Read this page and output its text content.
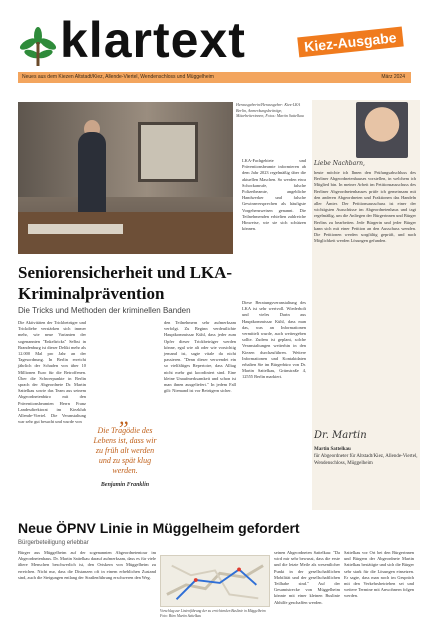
klartext	Kiez-Ausgabe
Neues aus dem Kiezen Altstadt/Kiez, Allende-Viertel, Wendenschloss und Müggelheim	März 2024
Herausgeberin/Herausgeber: Kiez-LKA Berlin, Anmerkungsbeiträge, Mitarbeiterinnen, Fotos: Martin Sattelkau
LKA-Fachgebiete und Präventionsbeamte informieren ab dem Jahr 2023 regelmäßig über die aktuellen Maschen. So werden etwa Schockanrufe, falsche Polizeibeamte, angebliche Handwerker und falsche Gewinnversprechen als häufigste Vorgehensweisen genannt. Die Teilnehmenden erhielten zahlreiche Hinweise, wie sie sich schützen können.
Diese Beratungsveranstaltung des LKA ist sehr wertvoll. Wiederholt und vieles Darin aus Hauptkommissar Kühl, dass man das, was an Informationen vermittelt wurde, auch weitergeben sollte. Zudem ist geplant, solche Veranstaltungen weiterhin in den Kiezen durchzuführen. Weitere Informationen und Kontaktdaten erhalten Sie im Bürgerbüro von Dr. Martin Sattelkau, Grünstraße 4, 12555 Berlin markiert.
Seniorensicherheit und LKA-Kriminalprävention
Die Tricks und Methoden der kriminellen Banden
Die Aktivitäten der Trickbetrüger und Trickdiebe verstärken sich immer mehr, wie neue Varianten der sogenannten "Enkeltricks" Selbst in Brandenburg ist dieser Delikt mehr als 12.000 Mal pro Jahr an der Tagesordnung. In Berlin erreicht jährlich der Schaden von über 10 Millionen Euro für die Betroffenen. Über die Schwerpunkte in Berlin sprach der Abgeordnete Dr. Martin Sattelkau sowie das Team aus seinem Abgeordnetenbüro mit den Präventionsbeamten Herrn Franz Landesdirektorat im Kiezklub Allende-Viertel. Die Veranstaltung war sehr gut besucht und wurde von	„
Die Tragödie des Lebens ist, dass wir zu früh alt werden und zu spät klug werden.
Benjamin Franklin
den Teilnehmern sehr aufmerksam verfolgt. Zu Beginn verdeutlichte Hauptkommissar Kühl, dass jeder zum Opfer dieser Trickbetrüger werden könne, egal wie alt oder wie vorsichtig jemand ist, sagte vitale da nicht passieren. "Denn dieser verwendet ein so vielfältiges Repertoire, dass Alltag nicht mehr gut koordiniert sind. Eine kleine Unaufmerksamkeit und schon ist man ihnen ausgeliefert." In jedem Fall gilt: Niemand ist vor Betrügern sicher.
Liebe Nachbarn,
heute möchte ich Ihnen den Prüfungsabschluss des Berliner Abgeordnetenhauses vorstellen, in welchem ich Mitglied bin. In meiner Arbeit im Petitionsausschuss des Berliner Abgeordnetenhauses prüfe ich gemeinsam mit den anderen Abgeordneten und Fraktionen das Handeln aller Ämter. Der Petitionsausschuss ist einer der wichtigsten Ausschüsse im Abgeordnetenhaus und tagt regelmäßig, um die Anliegen der Bürgerinnen und Bürger Berlins zu bearbeiten. Jede Bürgerin und jeder Bürger kann sich mit einer Petition an den Ausschuss wenden. Die Petitionen werden sorgfältig geprüft, und nach Möglichkeit werden Lösungen gefunden.
Dr. Martin
Martin Sattelkau
für Abgeordneter für Altstadt/Kiez, Allende-Viertel, Wendenschloss, Müggelheim
Neue ÖPNV Linie in Müggelheim gefordert
Bürgerbeteiligung erlebbar
Bürger aus Müggelheim auf der sogenannten Abgeordnetentour im Abgeordnetenhaus. Dr. Martin Sattelkau darauf aufmerksam, dass es für viele ältere Menschen beschwerlich ist, den Ortskern von Müggelheim zu erreichen. Nicht nur, dass die Distanzen oft in einem erheblichen Zustand sind, auch die Steigungen entlang der Straßenführung erschweren den Weg.
Vorschlag zur Linienführung der zu errichtenden Buslinie in Müggelheim Foto: Büro Martin Sattelkau
seinen Abgeordneten Sattelkau: "Da wird mir sehr bewusst, dass die erste und die letzte Meile als wesentlicher Punkt in der gesellschaftlichen Mobilität und der gesellschaftlichen Teilhabe sind." Auf der Gesamtstrecke von Müggelheim könnte mit einer kleinen Buslinie Abhilfe geschaffen werden.
Sattelkau vor Ort bei den Bürgerinnen und Bürgern der Abgeordnete Martin Sattelkau bestätigte und sich die Bürger sehr stark für die Lösungen einsetzen. Er sagte, dass man noch im Gespräch mit den Verkehrsbetrieben sei und weitere Termine mit Anwohnern folgen werden.
